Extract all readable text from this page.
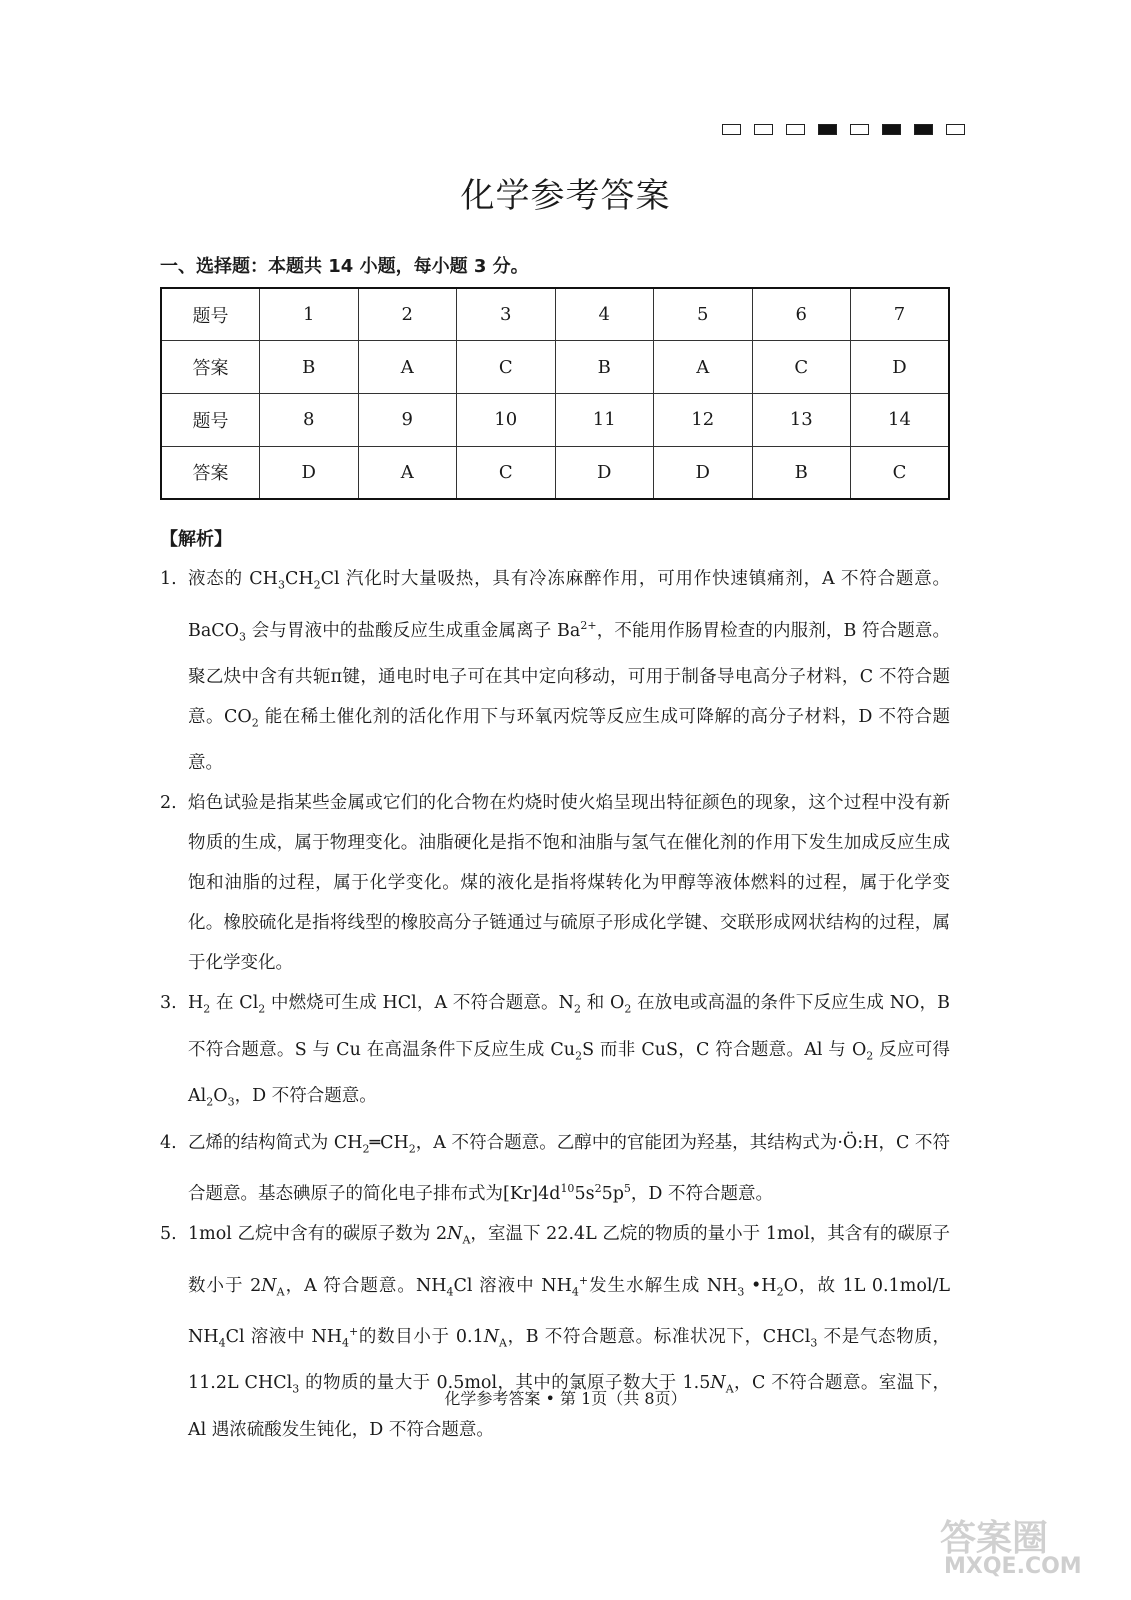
化学参考答案
一、选择题：本题共 14 小题，每小题 3 分。
题号	1	2	3	4	5	6	7
答案	B	A	C	B	A	C	D
题号	8	9	10	11	12	13	14
答案	D	A	C	D	D	B	C
【解析】
1. 液态的 $CH_3CH_2Cl$ 汽化时大量吸热，具有冷冻麻醉作用，可用作快速镇痛剂，A 不符合题意。BaCO$_3$ 会与胃液中的盐酸反应生成重金属离子 $Ba^{2+}$，不能用作肠胃检查的内服剂，B 符合题意。聚乙炔中含有共轭π键，通电时电子可在其中定向移动，可用于制备导电高分子材料，C 不符合题意。$CO_2$ 能在稀土催化剂的活化作用下与环氧丙烷等反应生成可降解的高分子材料，D 不符合题意。
2. 焰色试验是指某些金属或它们的化合物在灼烧时使火焰呈现出特征颜色的现象，这个过程中没有新物质的生成，属于物理变化。油脂硬化是指不饱和油脂与氢气在催化剂的作用下发生加成反应生成饱和油脂的过程，属于化学变化。煤的液化是指将煤转化为甲醇等液体燃料的过程，属于化学变化。橡胶硫化是指将线型的橡胶高分子链通过与硫原子形成化学键、交联形成网状结构的过程，属于化学变化。
3. $H_2$ 在 $Cl_2$ 中燃烧可生成 HCl，A 不符合题意。$N_2$ 和 $O_2$ 在放电或高温的条件下反应生成 NO，B 不符合题意。S 与 Cu 在高温条件下反应生成 $Cu_2S$ 而非 CuS，C 符合题意。Al 与 $O_2$ 反应可得 $Al_2O_3$，D 不符合题意。
4. 乙烯的结构简式为 $CH_2═CH_2$，A 不符合题意。乙醇中的官能团为羟基，其结构式为·Ö:H，C 不符合题意。基态碘原子的简化电子排布式为$[Kr]4d^{10}5s^25p^5$，D 不符合题意。
5. 1mol 乙烷中含有的碳原子数为 $2N_A$，室温下 22.4L 乙烷的物质的量小于 1mol，其含有的碳原子数小于 $2N_A$，A 符合题意。$NH_4Cl$ 溶液中 $NH_4^+$发生水解生成 $NH_3$ $•H_2O$，故 1L 0.1mol/L $NH_4Cl$ 溶液中 $NH_4^+$的数目小于 $0.1N_A$，B 不符合题意。标准状况下，CHCl$_3$ 不是气态物质，11.2L CHCl$_3$ 的物质的量大于 0.5mol，其中的氯原子数大于 $1.5N_A$，C 不符合题意。室温下，Al 遇浓硫酸发生钝化，D 不符合题意。
化学参考答案 • 第 1页（共 8页）
答案圈
MXQE.COM
